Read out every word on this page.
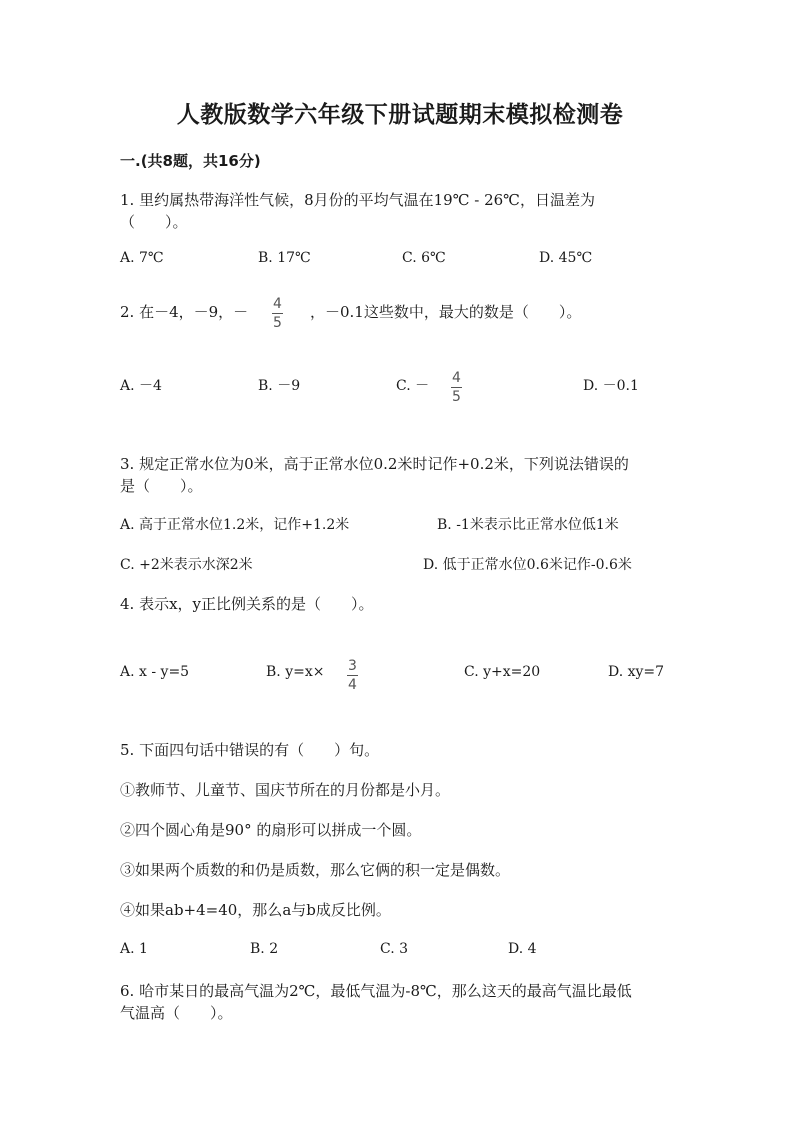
人教版数学六年级下册试题期末模拟检测卷
一.(共8题，共16分)
1. 里约属热带海洋性气候，8月份的平均气温在19℃ - 26℃，日温差为
（　　）。
A. 7℃	B. 17℃	C. 6℃	D. 45℃
2. 在－4，－9，－ 4
5
，－0.1这些数中，最大的数是（　　）。
A. －4	B. －9	C. － 4
5
D. －0.1
3. 规定正常水位为0米，高于正常水位0.2米时记作+0.2米，下列说法错误的
是（　　）。
A. 高于正常水位1.2米，记作+1.2米	B. -1米表示比正常水位低1米
C. +2米表示水深2米	D. 低于正常水位0.6米记作-0.6米
4. 表示x，y正比例关系的是（　　）。
A. x - y=5	B. y=x× 3
4
C. y+x=20	D. xy=7
5. 下面四句话中错误的有（　　）句。
①教师节、儿童节、国庆节所在的月份都是小月。
②四个圆心角是90° 的扇形可以拼成一个圆。
③如果两个质数的和仍是质数，那么它俩的积一定是偶数。
④如果ab+4=40，那么a与b成反比例。
A. 1	B. 2	C. 3	D. 4
6. 哈市某日的最高气温为2℃，最低气温为-8℃，那么这天的最高气温比最低
气温高（　　）。
